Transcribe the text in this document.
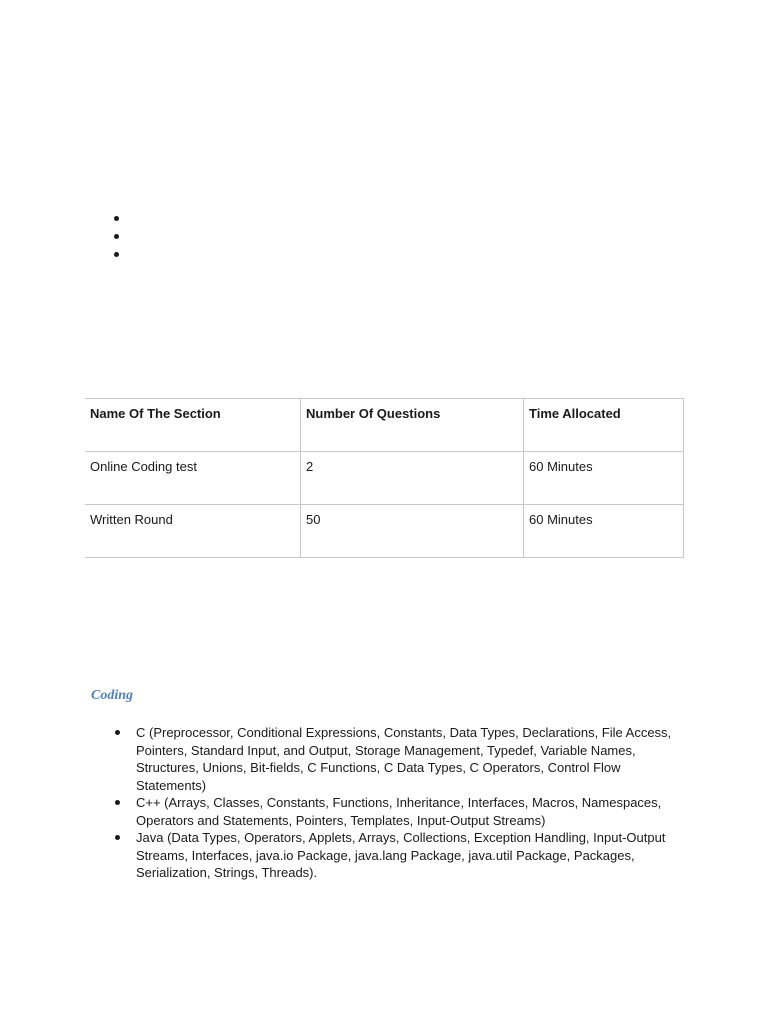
Name Of The Section	Number Of Questions	Time Allocated
Online Coding test	2	60 Minutes
Written Round	50	60 Minutes
Coding
C (Preprocessor, Conditional Expressions, Constants, Data Types, Declarations, File Access, Pointers, Standard Input, and Output, Storage Management, Typedef, Variable Names, Structures, Unions, Bit-fields, C Functions, C Data Types, C Operators, Control Flow Statements)
C++ (Arrays, Classes, Constants, Functions, Inheritance, Interfaces, Macros, Namespaces, Operators and Statements, Pointers, Templates, Input-Output Streams)
Java (Data Types, Operators, Applets, Arrays, Collections, Exception Handling, Input-Output Streams, Interfaces, java.io Package, java.lang Package, java.util Package, Packages, Serialization, Strings, Threads).
